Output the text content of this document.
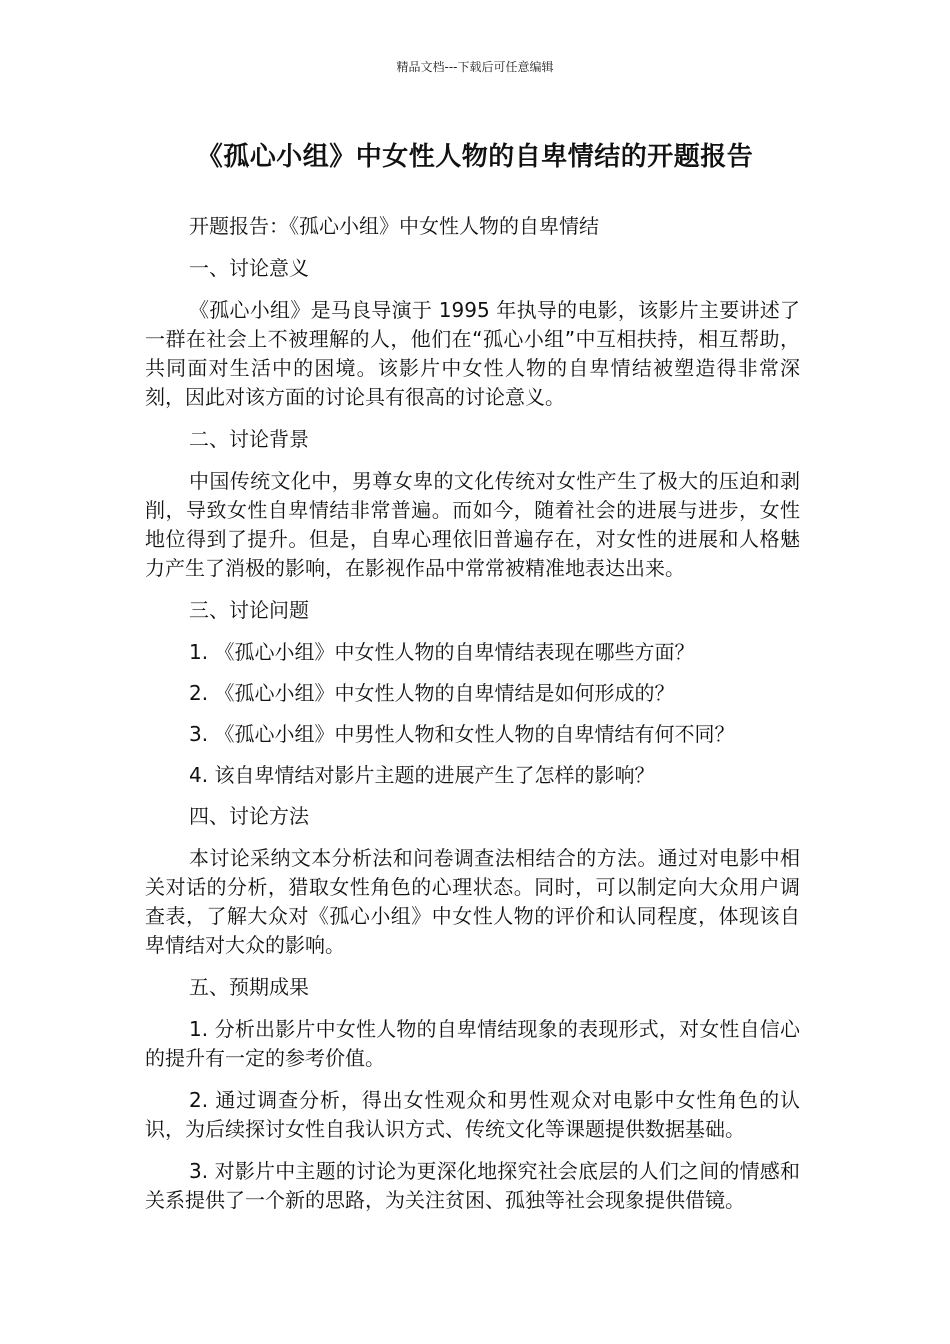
精品文档---下载后可任意编辑
《孤心小组》中女性人物的自卑情结的开题报告

开题报告：《孤心小组》中女性人物的自卑情结

一、讨论意义

《孤心小组》是马良导演于 1995 年执导的电影，该影片主要讲述了一群在社会上不被理解的人，他们在“孤心小组”中互相扶持，相互帮助，共同面对生活中的困境。该影片中女性人物的自卑情结被塑造得非常深刻，因此对该方面的讨论具有很高的讨论意义。

二、讨论背景

中国传统文化中，男尊女卑的文化传统对女性产生了极大的压迫和剥削，导致女性自卑情结非常普遍。而如今，随着社会的进展与进步，女性地位得到了提升。但是，自卑心理依旧普遍存在，对女性的进展和人格魅力产生了消极的影响，在影视作品中常常被精准地表达出来。

三、讨论问题

1. 《孤心小组》中女性人物的自卑情结表现在哪些方面？

2. 《孤心小组》中女性人物的自卑情结是如何形成的？

3. 《孤心小组》中男性人物和女性人物的自卑情结有何不同？

4. 该自卑情结对影片主题的进展产生了怎样的影响？

四、讨论方法

本讨论采纳文本分析法和问卷调查法相结合的方法。通过对电影中相关对话的分析，猎取女性角色的心理状态。同时，可以制定向大众用户调查表，了解大众对《孤心小组》中女性人物的评价和认同程度，体现该自卑情结对大众的影响。

五、预期成果

1. 分析出影片中女性人物的自卑情结现象的表现形式，对女性自信心的提升有一定的参考价值。

2. 通过调查分析，得出女性观众和男性观众对电影中女性角色的认识，为后续探讨女性自我认识方式、传统文化等课题提供数据基础。

3. 对影片中主题的讨论为更深化地探究社会底层的人们之间的情感和关系提供了一个新的思路，为关注贫困、孤独等社会现象提供借镜。
